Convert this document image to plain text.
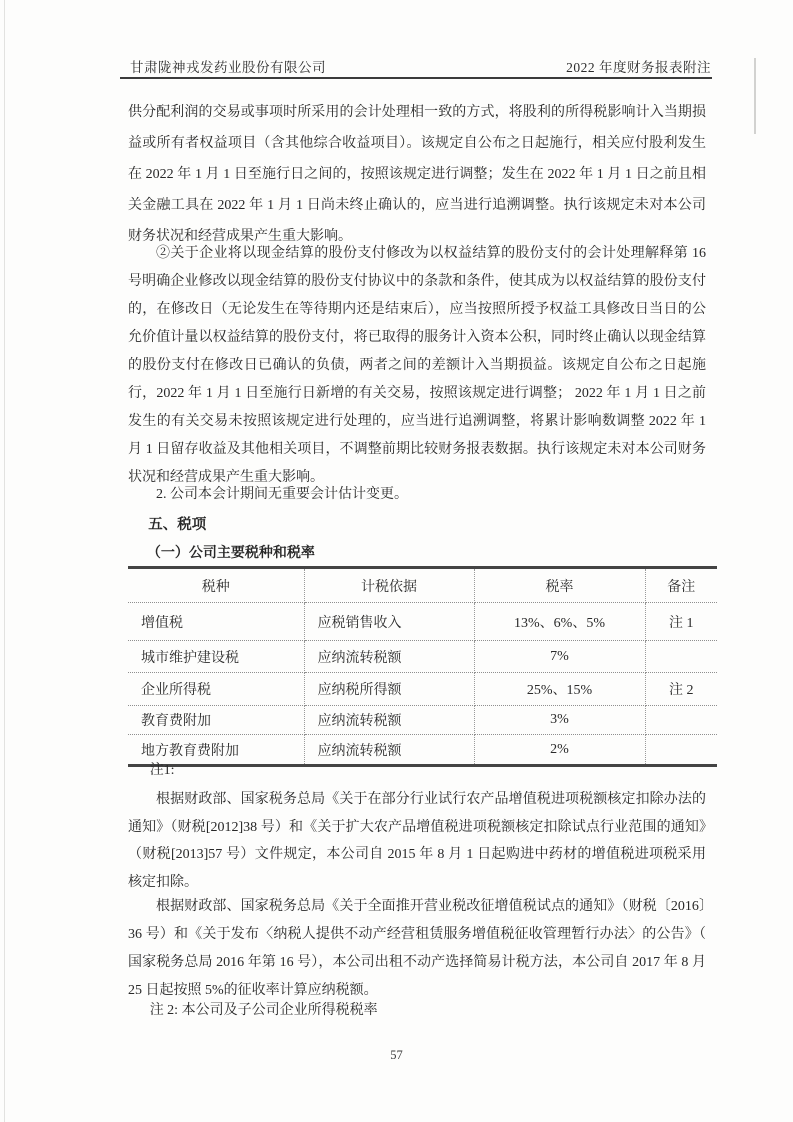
甘肃陇神戎发药业股份有限公司	2022 年度财务报表附注
供分配利润的交易或事项时所采用的会计处理相一致的方式，将股利的所得税影响计入当期损益或所有者权益项目（含其他综合收益项目）。该规定自公布之日起施行，相关应付股利发生在 2022 年 1 月 1 日至施行日之间的，按照该规定进行调整；发生在 2022 年 1 月 1 日之前且相关金融工具在 2022 年 1 月 1 日尚未终止确认的，应当进行追溯调整。执行该规定未对本公司财务状况和经营成果产生重大影响。
②关于企业将以现金结算的股份支付修改为以权益结算的股份支付的会计处理解释第 16 号明确企业修改以现金结算的股份支付协议中的条款和条件，使其成为以权益结算的股份支付的，在修改日（无论发生在等待期内还是结束后），应当按照所授予权益工具修改日当日的公允价值计量以权益结算的股份支付，将已取得的服务计入资本公积，同时终止确认以现金结算的股份支付在修改日已确认的负债，两者之间的差额计入当期损益。该规定自公布之日起施行，2022 年 1 月 1 日至施行日新增的有关交易，按照该规定进行调整； 2022 年 1 月 1 日之前发生的有关交易未按照该规定进行处理的，应当进行追溯调整，将累计影响数调整 2022 年 1 月 1 日留存收益及其他相关项目，不调整前期比较财务报表数据。执行该规定未对本公司财务状况和经营成果产生重大影响。
2. 公司本会计期间无重要会计估计变更。
五、税项
（一）公司主要税种和税率
税种	计税依据	税率	备注
增值税	应税销售收入	13%、6%、5%	注 1
城市维护建设税	应纳流转税额	7%	
企业所得税	应纳税所得额	25%、15%	注 2
教育费附加	应纳流转税额	3%	
地方教育费附加	应纳流转税额	2%	
注1:
根据财政部、国家税务总局《关于在部分行业试行农产品增值税进项税额核定扣除办法的通知》（财税[2012]38 号）和《关于扩大农产品增值税进项税额核定扣除试点行业范围的通知》（财税[2013]57 号）文件规定，本公司自 2015 年 8 月 1 日起购进中药材的增值税进项税采用核定扣除。
根据财政部、国家税务总局《关于全面推开营业税改征增值税试点的通知》（财税〔2016〕36 号）和《关于发布〈纳税人提供不动产经营租赁服务增值税征收管理暂行办法〉的公告》（ 国家税务总局 2016 年第 16 号），本公司出租不动产选择简易计税方法，本公司自 2017 年 8 月 25 日起按照 5%的征收率计算应纳税额。
注 2: 本公司及子公司企业所得税税率
57
